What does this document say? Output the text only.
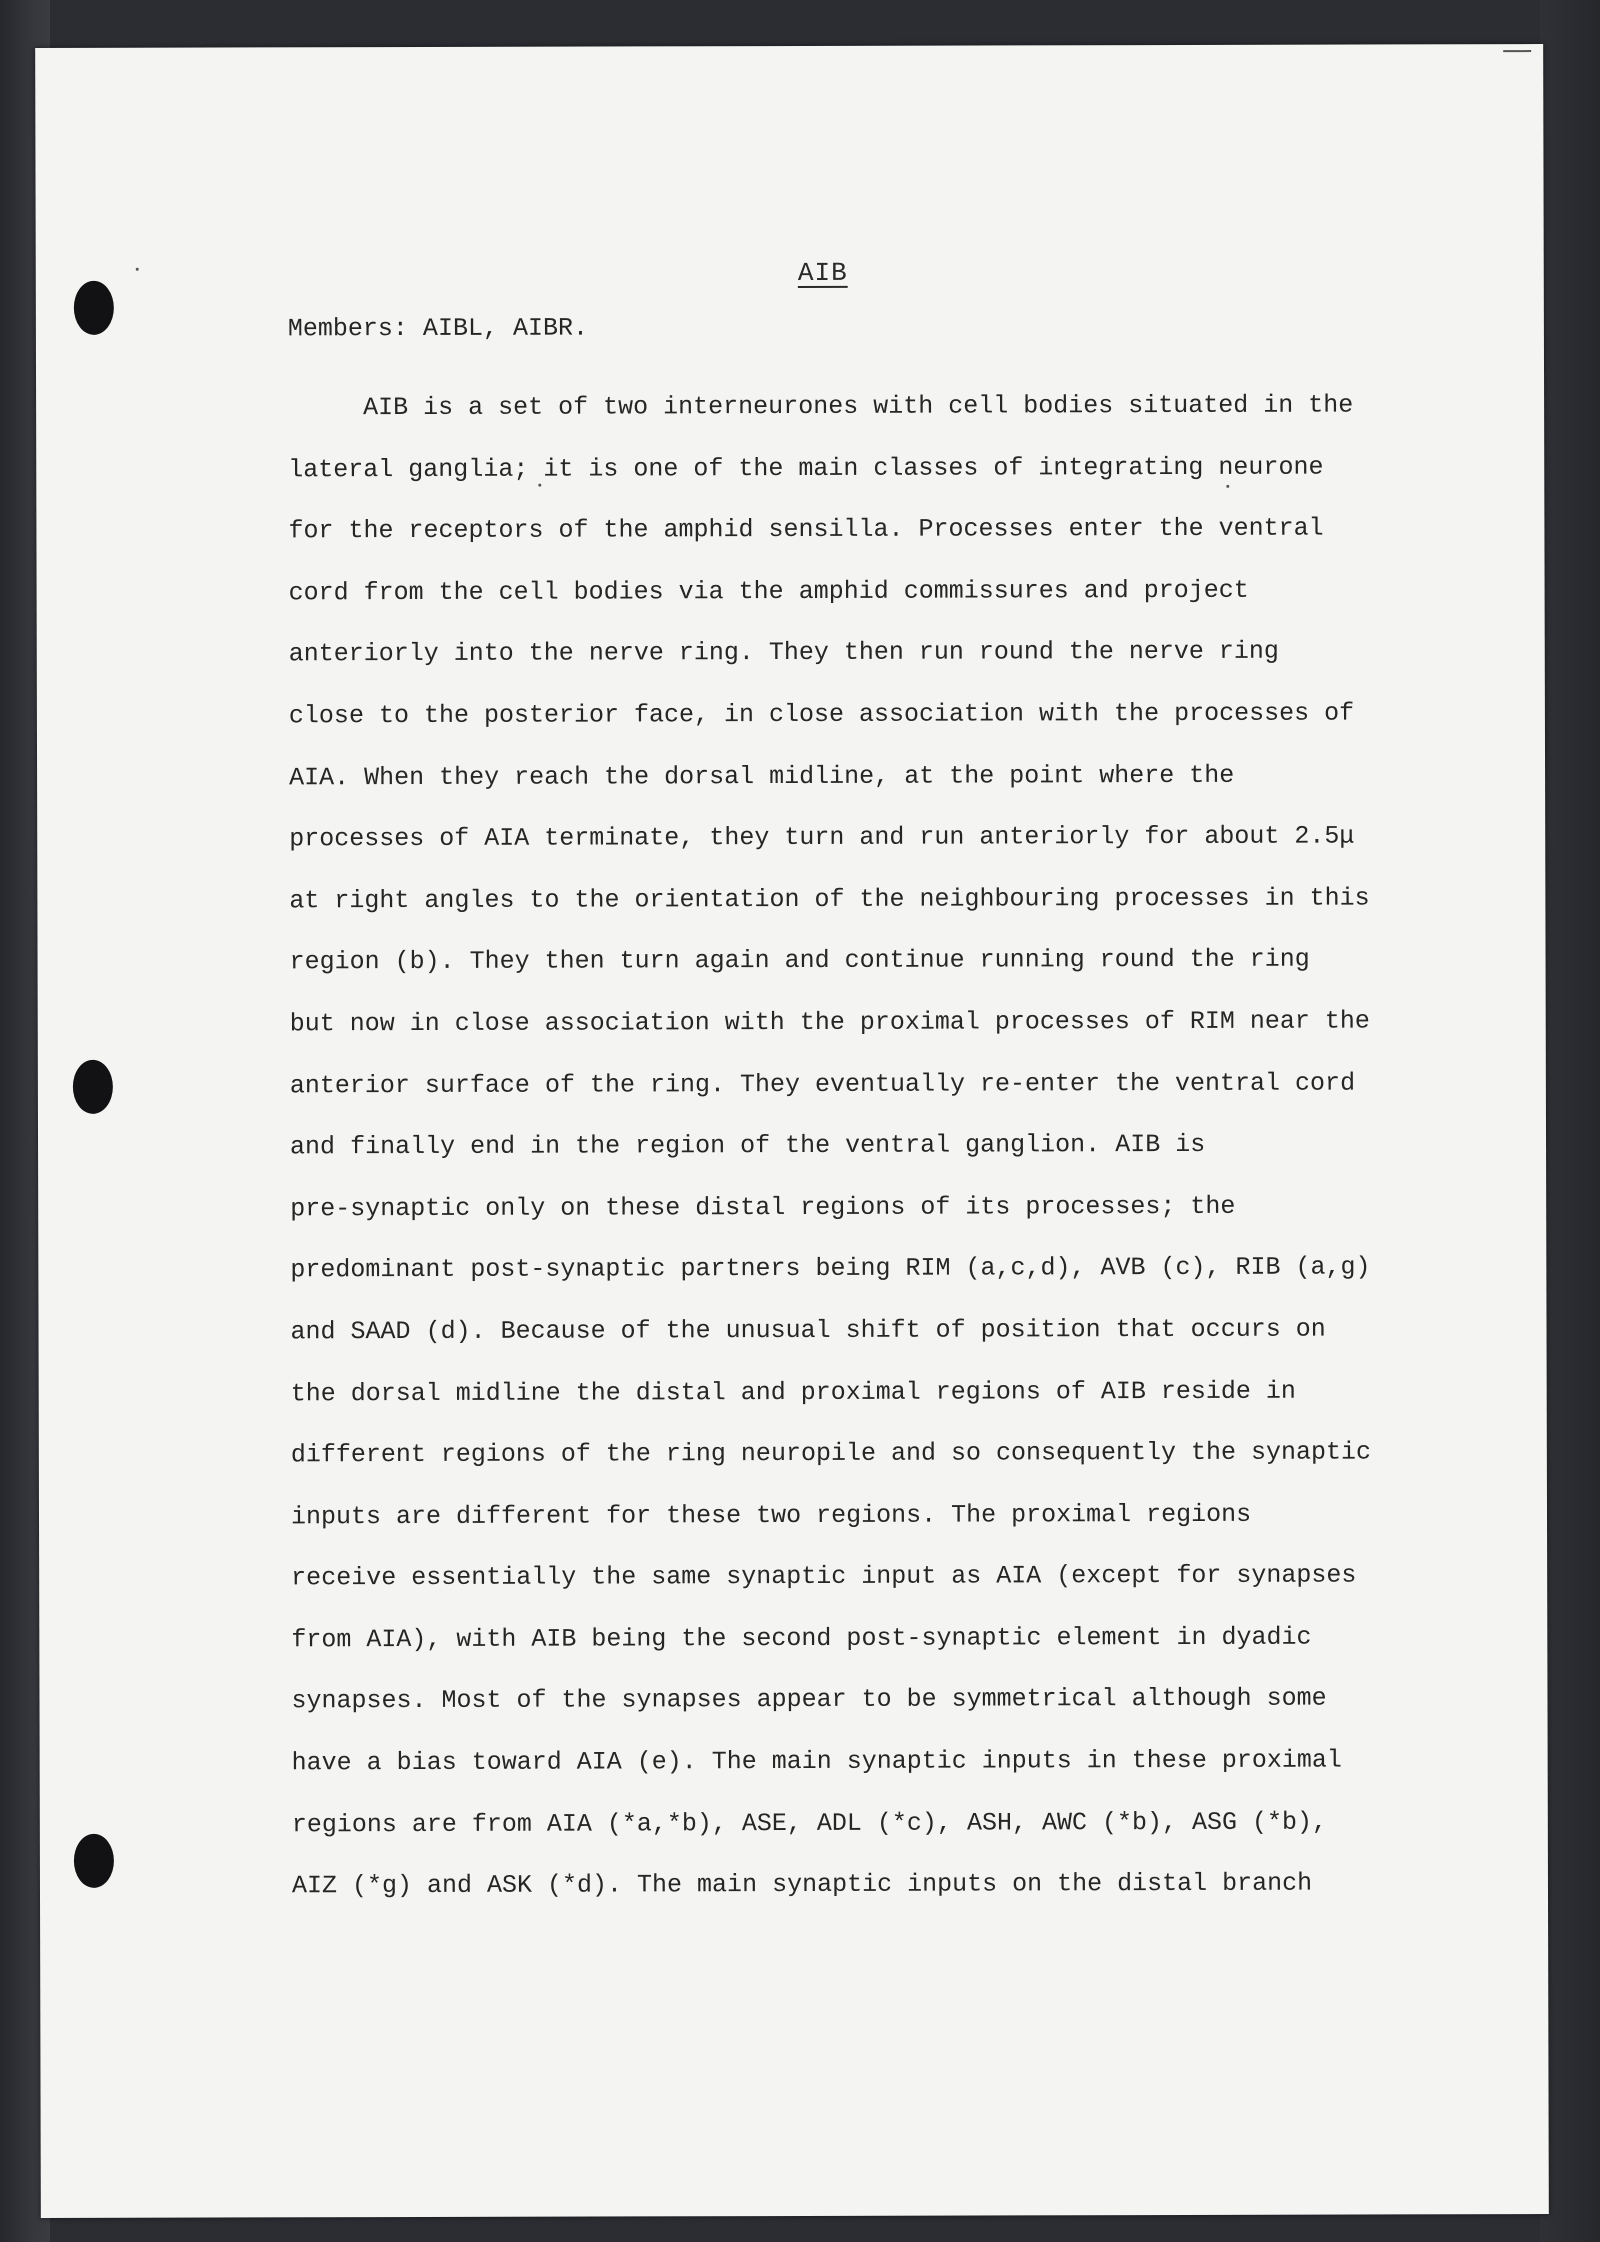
AIB
Members: AIBL, AIBR.
AIB is a set of two interneurones with cell bodies situated in the
lateral ganglia; it is one of the main classes of integrating neurone
for the receptors of the amphid sensilla. Processes enter the ventral
cord from the cell bodies via the amphid commissures and project
anteriorly into the nerve ring. They then run round the nerve ring
close to the posterior face, in close association with the processes of
AIA. When they reach the dorsal midline, at the point where the
processes of AIA terminate, they turn and run anteriorly for about 2.5μ
at right angles to the orientation of the neighbouring processes in this
region (b). They then turn again and continue running round the ring
but now in close association with the proximal processes of RIM near the
anterior surface of the ring. They eventually re-enter the ventral cord
and finally end in the region of the ventral ganglion. AIB is
pre-synaptic only on these distal regions of its processes; the
predominant post-synaptic partners being RIM (a,c,d), AVB (c), RIB (a,g)
and SAAD (d). Because of the unusual shift of position that occurs on
the dorsal midline the distal and proximal regions of AIB reside in
different regions of the ring neuropile and so consequently the synaptic
inputs are different for these two regions. The proximal regions
receive essentially the same synaptic input as AIA (except for synapses
from AIA), with AIB being the second post-synaptic element in dyadic
synapses. Most of the synapses appear to be symmetrical although some
have a bias toward AIA (e). The main synaptic inputs in these proximal
regions are from AIA (*a,*b), ASE, ADL (*c), ASH, AWC (*b), ASG (*b),
AIZ (*g) and ASK (*d). The main synaptic inputs on the distal branch
